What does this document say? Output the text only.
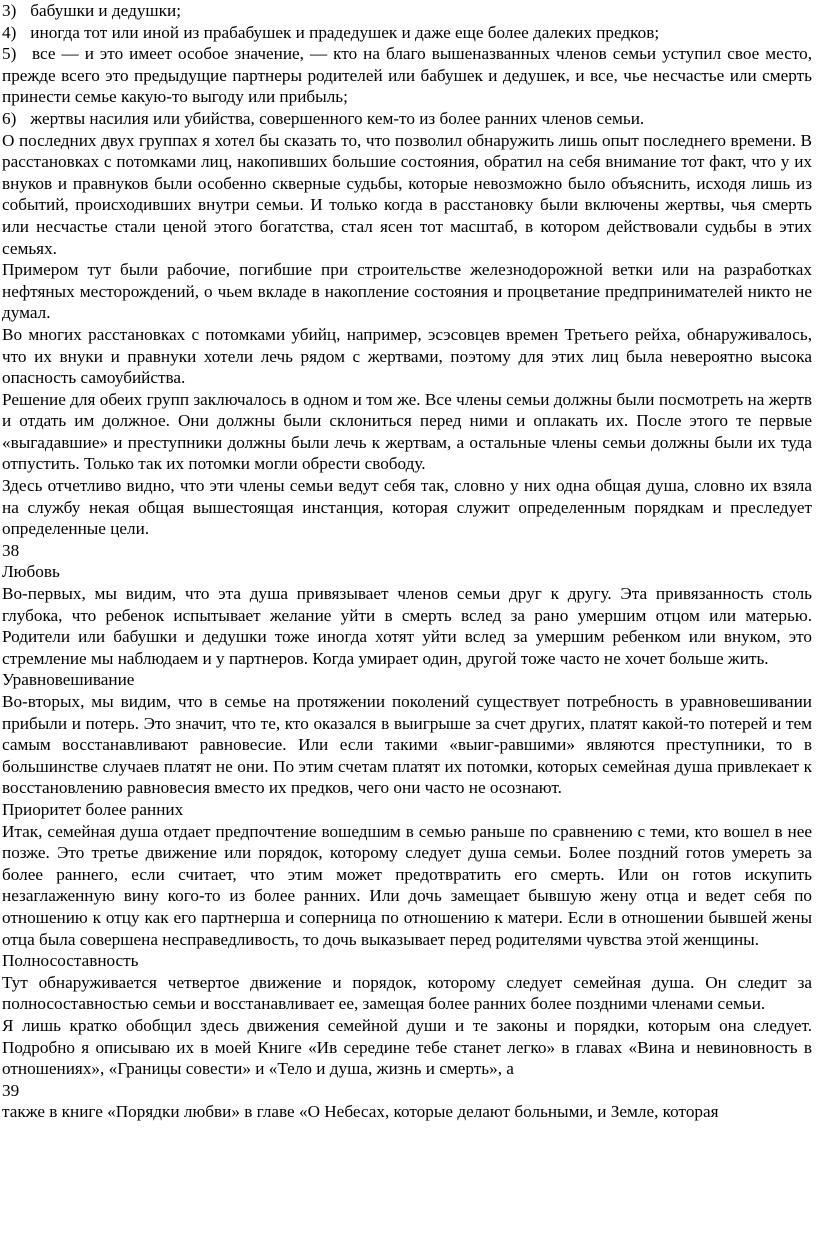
3) бабушки и дедушки;

4) иногда тот или иной из прабабушек и прадедушек и даже еще более далеких предков;

5) все — и это имеет особое значение, — кто на благо вышеназванных членов семьи уступил свое место, прежде всего это предыдущие партнеры родителей или бабушек и дедушек, и все, чье несчастье или смерть принести семье какую-то выгоду или прибыль;

6) жертвы насилия или убийства, совершенного кем-то из более ранних членов семьи.

О последних двух группах я хотел бы сказать то, что позволил обнаружить лишь опыт последнего времени. В расстановках с потомками лиц, накопивших большие состояния, обратил на себя внимание тот факт, что у их внуков и правнуков были особенно скверные судьбы, которые невозможно было объяснить, исходя лишь из событий, происходивших внутри семьи. И только когда в расстановку были включены жертвы, чья смерть или несчастье стали ценой этого богатства, стал ясен тот масштаб, в котором действовали судьбы в этих семьях.

Примером тут были рабочие, погибшие при строительстве железнодорожной ветки или на разработках нефтяных месторождений, о чьем вкладе в накопление состояния и процветание предпринимателей никто не думал.

Во многих расстановках с потомками убийц, например, эсэсовцев времен Третьего рейха, обнаруживалось, что их внуки и правнуки хотели лечь рядом с жертвами, поэтому для этих лиц была невероятно высока опасность самоубийства.

Решение для обеих групп заключалось в одном и том же. Все члены семьи должны были посмотреть на жертв и отдать им должное. Они должны были склониться перед ними и оплакать их. После этого те первые «выгадавшие» и преступники должны были лечь к жертвам, а остальные члены семьи должны были их туда отпустить. Только так их потомки могли обрести свободу.

Здесь отчетливо видно, что эти члены семьи ведут себя так, словно у них одна общая душа, словно их взяла на службу некая общая вышестоящая инстанция, которая служит определенным порядкам и преследует определенные цели.

38

Любовь

Во-первых, мы видим, что эта душа привязывает членов семьи друг к другу. Эта привязанность столь глубока, что ребенок испытывает желание уйти в смерть вслед за рано умершим отцом или матерью. Родители или бабушки и дедушки тоже иногда хотят уйти вслед за умершим ребенком или внуком, это стремление мы наблюдаем и у партнеров. Когда умирает один, другой тоже часто не хочет больше жить.

Уравновешивание

Во-вторых, мы видим, что в семье на протяжении поколений существует потребность в уравновешивании прибыли и потерь. Это значит, что те, кто оказался в выигрыше за счет других, платят какой-то потерей и тем самым восстанавливают равновесие. Или если такими «выиг-равшими» являются преступники, то в большинстве случаев платят не они. По этим счетам платят их потомки, которых семейная душа привлекает к восстановлению равновесия вместо их предков, чего они часто не осознают.

Приоритет более ранних

Итак, семейная душа отдает предпочтение вошедшим в семью раньше по сравнению с теми, кто вошел в нее позже. Это третье движение или порядок, которому следует душа семьи. Более поздний готов умереть за более раннего, если считает, что этим может предотвратить его смерть. Или он готов искупить незаглаженную вину кого-то из более ранних. Или дочь замещает бывшую жену отца и ведет себя по отношению к отцу как его партнерша и соперница по отношению к матери. Если в отношении бывшей жены отца была совершена несправедливость, то дочь выказывает перед родителями чувства этой женщины.

Полносоставность

Тут обнаруживается четвертое движение и порядок, которому следует семейная душа. Он следит за полносоставностью семьи и восстанавливает ее, замещая более ранних более поздними членами семьи.

Я лишь кратко обобщил здесь движения семейной души и те законы и порядки, которым она следует. Подробно я описываю их в моей Книге «Ив середине тебе станет легко» в главах «Вина и невиновность в отношениях», «Границы совести» и «Тело и душа, жизнь и смерть», а

39

также в книге «Порядки любви» в главе «О Небесах, которые делают больными, и Земле, которая
